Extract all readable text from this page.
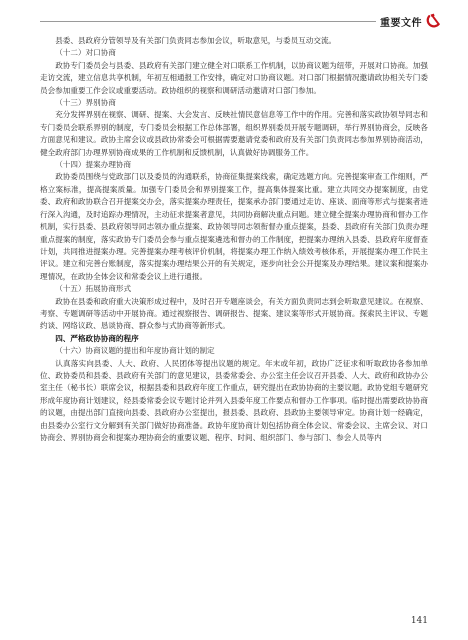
重要文件

县委、县政府分管领导及有关部门负责同志参加会议，听取意见，与委员互动交流。

（十二）对口协商

政协专门委员会与县委、县政府有关部门建立健全对口联系工作机制，以协商议题为纽带，开展对口协商。加强走访交流，建立信息共享机制，年初互相通报工作安排，确定对口协商议题。对口部门根据情况邀请政协相关专门委员会参加重要工作会议或重要活动。政协组织的视察和调研活动邀请对口部门参加。

（十三）界别协商

充分发挥界别在视察、调研、提案、大会发言、反映社情民意信息等工作中的作用。完善和落实政协领导同志和专门委员会联系界别的制度，专门委员会根据工作总体部署，组织界别委员开展专题调研，举行界别协商会，反映各方面意见和建议。政协主席会议或县政协常委会可根据需要邀请党委和政府及有关部门负责同志参加界别协商活动，健全政府部门办理界别协商成果的工作机制和反馈机制，认真做好协调服务工作。

（十四）提案办理协商

政协委员围绕与党政部门以及委员的沟通联系，协商征集提案线索，确定选题方向。完善提案审查工作细则，严格立案标准，提高提案质量。加强专门委员会和界别提案工作，提高集体提案比重。建立共同交办提案制度，由党委、政府和政协联合召开提案交办会，落实提案办理责任，提案承办部门要通过走访、座谈、面商等形式与提案者进行深入沟通，及时追踪办理情况，主动征求提案者意见，共同协商解决重点问题。建立健全提案办理协商和督办工作机制，实行县委、县政府领导同志领办重点提案、政协领导同志领衔督办重点提案，县委、县政府有关部门负责办理重点提案的制度，落实政协专门委员会参与重点提案遴选和督办的工作制度，把提案办理纳入县委、县政府年度督查计划，共同推进提案办理。完善提案办理考核评价机制，将提案办理工作纳入绩效考核体系，开展提案办理工作民主评议。建立和完善台账制度，落实提案办理结果公开的有关规定，逐步向社会公开提案及办理结果。建议案和提案办理情况，在政协全体会议和常委会议上进行通报。

（十五）拓展协商形式

政协在县委和政府重大决策形成过程中，及时召开专题座谈会，有关方面负责同志到会听取意见建议。在视察、考察、专题调研等活动中开展协商。通过视察报告、调研报告、提案、建议案等形式开展协商。探索民主评议、专题约谈、网络议政、恳谈协商、群众参与式协商等新形式。

四、严格政协协商的程序

（十六）协商议题的提出和年度协商计划的制定

认真落实向县委、人大、政府、人民团体等提出议题的规定。年末或年初，政协广泛征求和听取政协各参加单位、政协委员和县委、县政府有关部门的意见建议，县委常委会、办公室主任会议召开县委、人大、政府和政协办公室主任（秘书长）联席会议，根据县委和县政府年度工作重点，研究提出在政协协商的主要议题。政协党组专题研究形成年度协商计划建议，经县委常委会议专题讨论并列入县委年度工作要点和督办工作事项。临时提出需要政协协商的议题，由提出部门直接向县委、县政府办公室提出，报县委、县政府、县政协主要领导审定。协商计划一经确定，由县委办公室行文分解到有关部门做好协商准备。政协年度协商计划包括协商全体会议、常委会议、主席会议、对口协商会、界别协商会和提案办理协商会的重要议题、程序、时间、组织部门、参与部门、参会人员等内

141
